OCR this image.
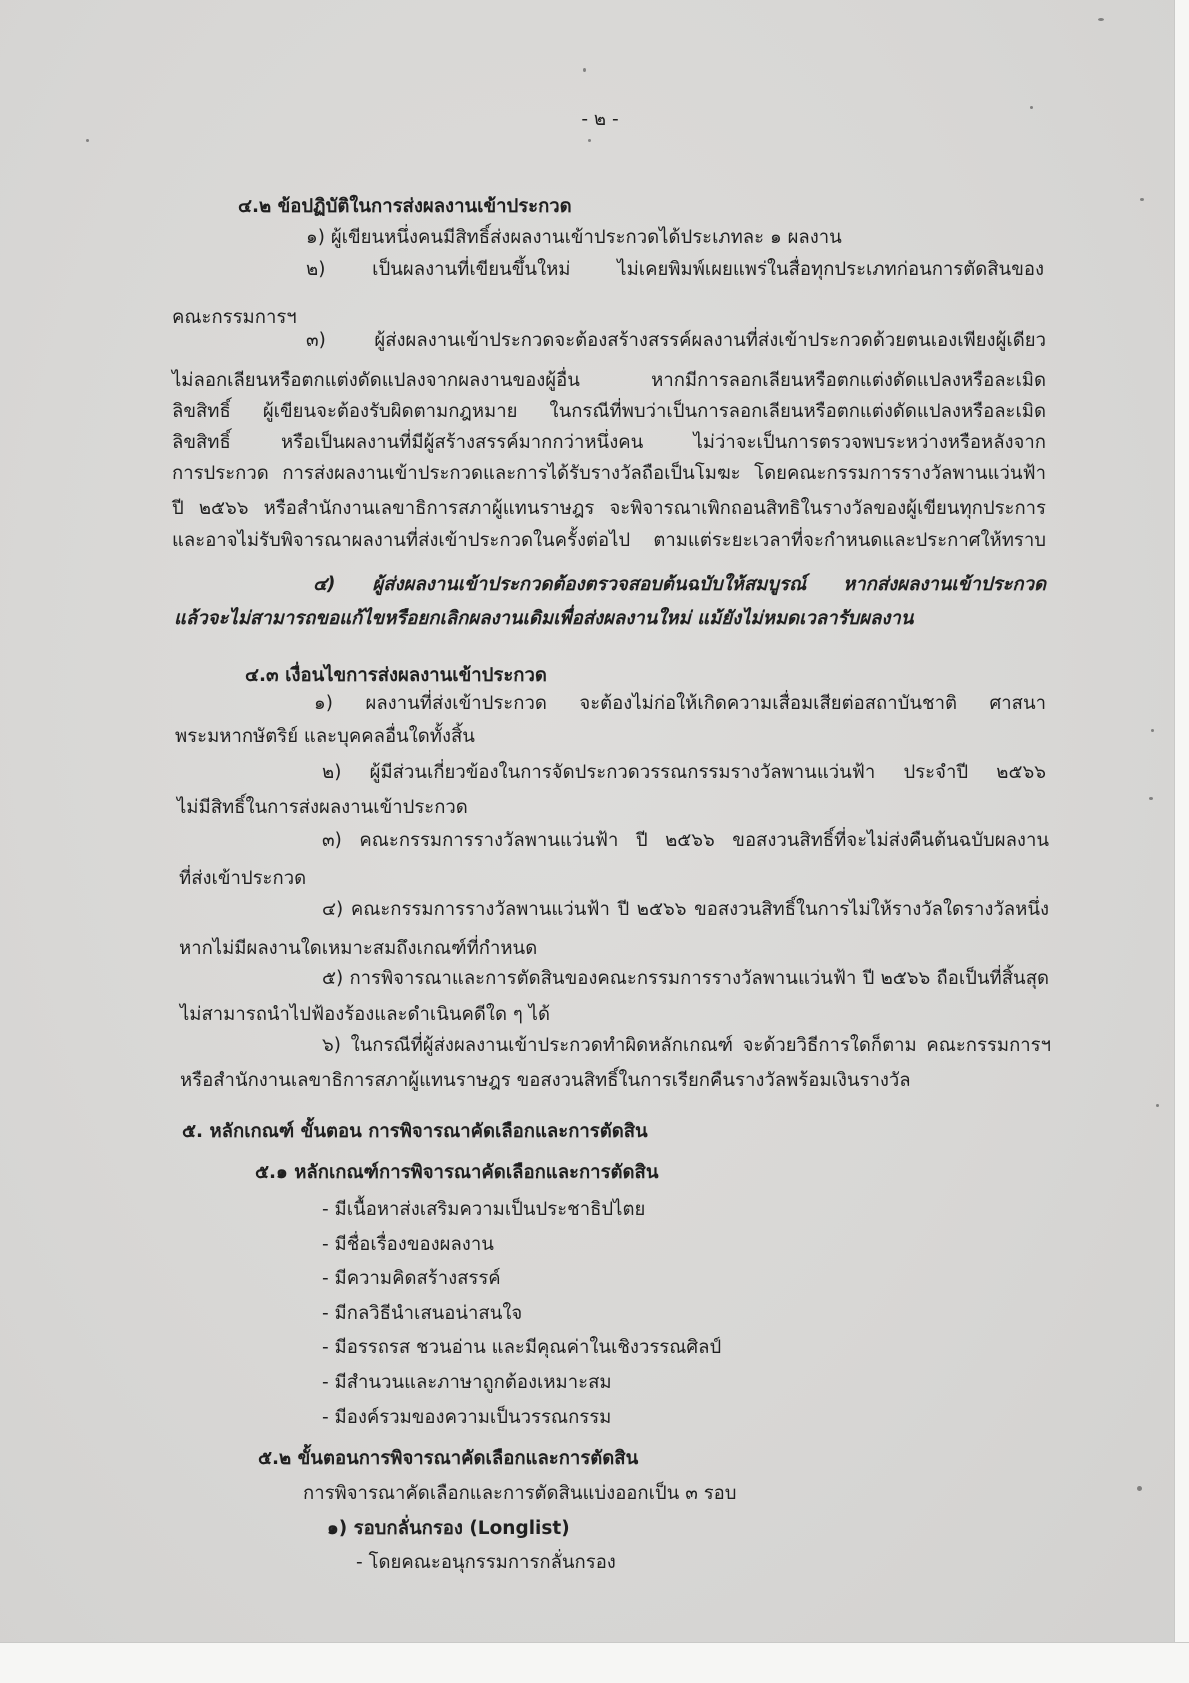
- ๒ -
๔.๒ ข้อปฏิบัติในการส่งผลงานเข้าประกวด
๑) ผู้เขียนหนึ่งคนมีสิทธิ์ส่งผลงานเข้าประกวดได้ประเภทละ ๑ ผลงาน
๒) เป็นผลงานที่เขียนขึ้นใหม่ ไม่เคยพิมพ์เผยแพร่ในสื่อทุกประเภทก่อนการตัดสินของ
คณะกรรมการฯ
๓) ผู้ส่งผลงานเข้าประกวดจะต้องสร้างสรรค์ผลงานที่ส่งเข้าประกวดด้วยตนเองเพียงผู้เดียว
ไม่ลอกเลียนหรือตกแต่งดัดแปลงจากผลงานของผู้อื่น หากมีการลอกเลียนหรือตกแต่งดัดแปลงหรือละเมิด
ลิขสิทธิ์ ผู้เขียนจะต้องรับผิดตามกฎหมาย ในกรณีที่พบว่าเป็นการลอกเลียนหรือตกแต่งดัดแปลงหรือละเมิด
ลิขสิทธิ์ หรือเป็นผลงานที่มีผู้สร้างสรรค์มากกว่าหนึ่งคน ไม่ว่าจะเป็นการตรวจพบระหว่างหรือหลังจาก
การประกวด การส่งผลงานเข้าประกวดและการได้รับรางวัลถือเป็นโมฆะ โดยคณะกรรมการรางวัลพานแว่นฟ้า
ปี ๒๕๖๖ หรือสำนักงานเลขาธิการสภาผู้แทนราษฎร จะพิจารณาเพิกถอนสิทธิในรางวัลของผู้เขียนทุกประการ
และอาจไม่รับพิจารณาผลงานที่ส่งเข้าประกวดในครั้งต่อไป ตามแต่ระยะเวลาที่จะกำหนดและประกาศให้ทราบ
๔) ผู้ส่งผลงานเข้าประกวดต้องตรวจสอบต้นฉบับให้สมบูรณ์ หากส่งผลงานเข้าประกวด
แล้วจะไม่สามารถขอแก้ไขหรือยกเลิกผลงานเดิมเพื่อส่งผลงานใหม่ แม้ยังไม่หมดเวลารับผลงาน
๔.๓ เงื่อนไขการส่งผลงานเข้าประกวด
๑) ผลงานที่ส่งเข้าประกวด จะต้องไม่ก่อให้เกิดความเสื่อมเสียต่อสถาบันชาติ ศาสนา
พระมหากษัตริย์ และบุคคลอื่นใดทั้งสิ้น
๒) ผู้มีส่วนเกี่ยวข้องในการจัดประกวดวรรณกรรมรางวัลพานแว่นฟ้า ประจำปี ๒๕๖๖
ไม่มีสิทธิ์ในการส่งผลงานเข้าประกวด
๓) คณะกรรมการรางวัลพานแว่นฟ้า ปี ๒๕๖๖ ขอสงวนสิทธิ์ที่จะไม่ส่งคืนต้นฉบับผลงาน
ที่ส่งเข้าประกวด
๔) คณะกรรมการรางวัลพานแว่นฟ้า ปี ๒๕๖๖ ขอสงวนสิทธิ์ในการไม่ให้รางวัลใดรางวัลหนึ่ง
หากไม่มีผลงานใดเหมาะสมถึงเกณฑ์ที่กำหนด
๕) การพิจารณาและการตัดสินของคณะกรรมการรางวัลพานแว่นฟ้า ปี ๒๕๖๖ ถือเป็นที่สิ้นสุด
ไม่สามารถนำไปฟ้องร้องและดำเนินคดีใด ๆ ได้
๖) ในกรณีที่ผู้ส่งผลงานเข้าประกวดทำผิดหลักเกณฑ์ จะด้วยวิธีการใดก็ตาม คณะกรรมการฯ
หรือสำนักงานเลขาธิการสภาผู้แทนราษฎร ขอสงวนสิทธิ์ในการเรียกคืนรางวัลพร้อมเงินรางวัล
๕. หลักเกณฑ์ ขั้นตอน การพิจารณาคัดเลือกและการตัดสิน
๕.๑ หลักเกณฑ์การพิจารณาคัดเลือกและการตัดสิน
- มีเนื้อหาส่งเสริมความเป็นประชาธิปไตย
- มีชื่อเรื่องของผลงาน
- มีความคิดสร้างสรรค์
- มีกลวิธีนำเสนอน่าสนใจ
- มีอรรถรส ชวนอ่าน และมีคุณค่าในเชิงวรรณศิลป์
- มีสำนวนและภาษาถูกต้องเหมาะสม
- มีองค์รวมของความเป็นวรรณกรรม
๕.๒ ขั้นตอนการพิจารณาคัดเลือกและการตัดสิน
การพิจารณาคัดเลือกและการตัดสินแบ่งออกเป็น ๓ รอบ
๑) รอบกลั่นกรอง (Longlist)
- โดยคณะอนุกรรมการกลั่นกรอง
